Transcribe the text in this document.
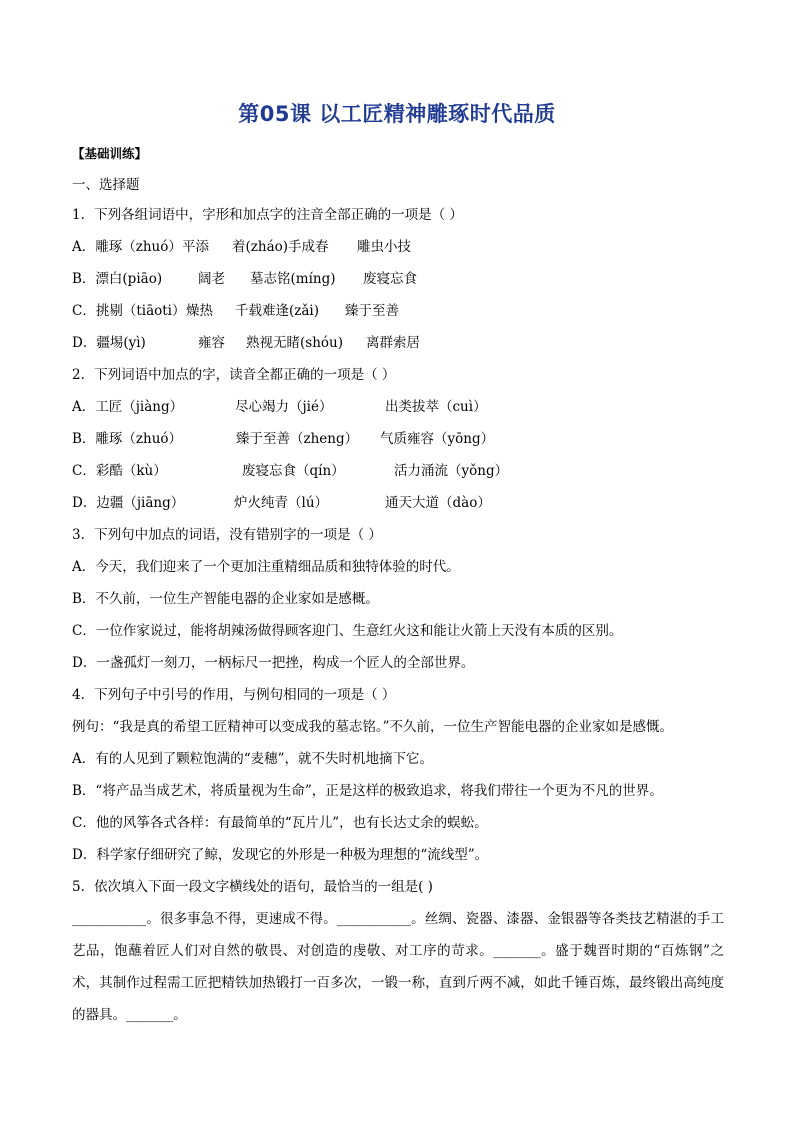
第05课 以工匠精神雕琢时代品质
【基础训练】
一、选择题
1．下列各组词语中，字形和加点字的注音全部正确的一项是（ ）
A．雕琢（zhuó） 平添	着(zháo)手成春	雕虫小技
B．漂白(piāo)	阔老	墓志铭(míng)	废寝忘食
C．挑剔（tiāoti） 燥热	千载难逢(zǎi)	臻于至善
D．疆埸(yì)	雍容	熟视无睹(shóu)	离群索居
2．下列词语中加点的字，读音全都正确的一项是（ ）
A．工匠（jiàng）	尽心竭力（jié）	出类拔萃（cuì）
B．雕琢（zhuó）	臻于至善（zheng）	气质雍容（yōng）
C．彩酷（kù）	废寝忘食（qín）	活力涌流（yǒng）
D．边疆（jiāng）	炉火纯青（lú）	通天大道（dào）
3．下列句中加点的词语，没有错别字的一项是（ ）
A．今天，我们迎来了一个更加注重精细品质和独特体验的时代。
B．不久前，一位生产智能电器的企业家如是感概。
C．一位作家说过，能将胡辣汤做得顾客迎门、生意红火这和能让火箭上天没有本质的区别。
D．一盏孤灯一刻刀，一柄标尺一把挫，构成一个匠人的全部世界。
4．下列句子中引号的作用，与例句相同的一项是（ ）
例句：“我是真的希望工匠精神可以变成我的墓志铭。”不久前，一位生产智能电器的企业家如是感慨。
A．有的人见到了颗粒饱满的“麦穗”，就不失时机地摘下它。
B．“将产品当成艺术，将质量视为生命”，正是这样的极致追求，将我们带往一个更为不凡的世界。
C．他的风筝各式各样：有最简单的“瓦片儿”，也有长达丈余的蜈蚣。
D．科学家仔细研究了鲸，发现它的外形是一种极为理想的“流线型”。
5．依次填入下面一段文字横线处的语句，最恰当的一组是( )
___________。很多事急不得，更速成不得。___________。丝绸、瓷器、漆器、金银器等各类技艺精湛的手工艺品，饱蘸着匠人们对自然的敬畏、对创造的虔敬、对工序的苛求。_______。盛于魏晋时期的“百炼钢”之术，其制作过程需工匠把精铁加热锻打一百多次，一锻一称，直到斤两不减，如此千锤百炼，最终锻出高纯度的器具。_______。
